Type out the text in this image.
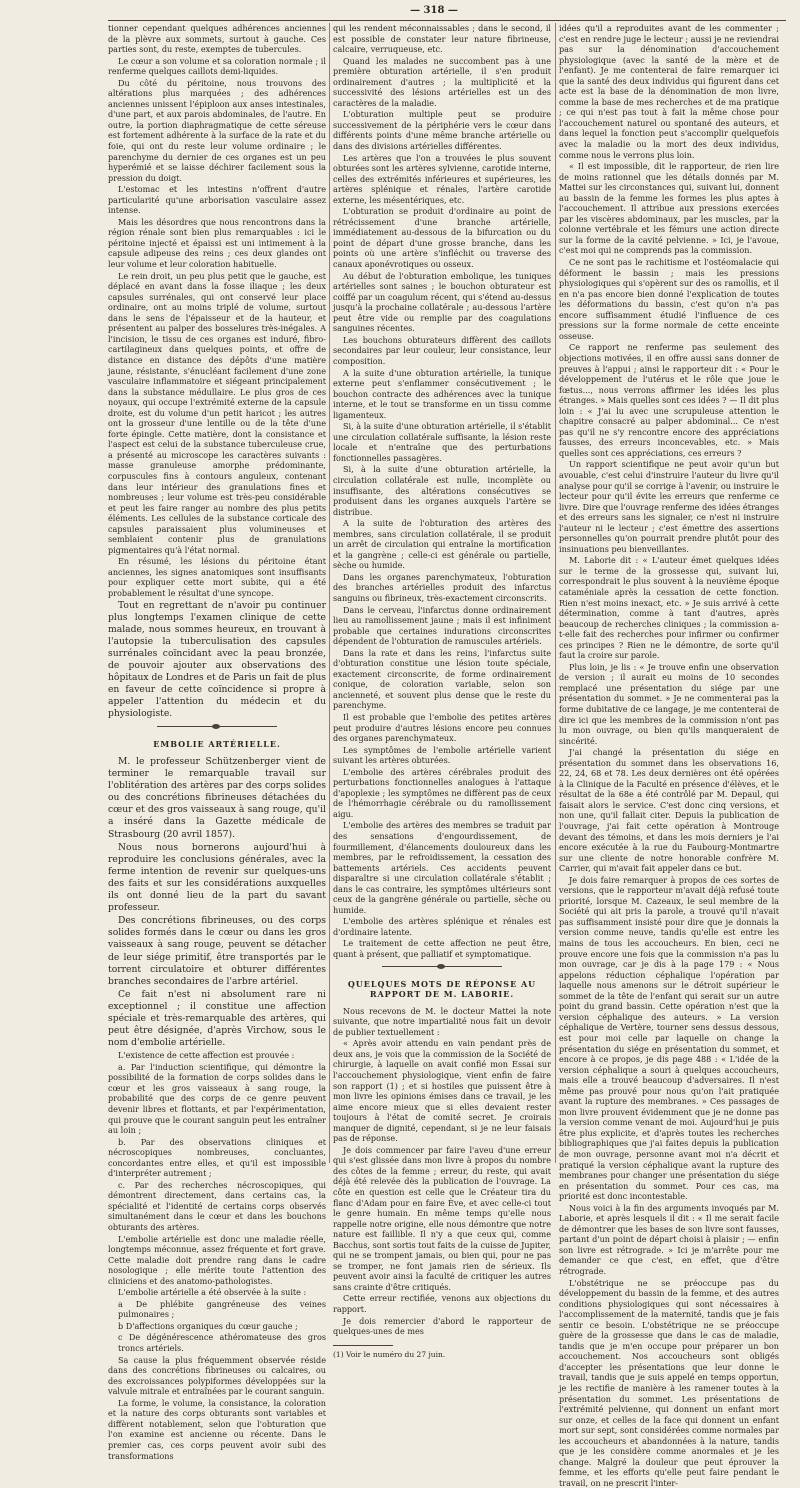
— 318 —

tionner cependant quelques adhérences anciennes de la plèvre aux sommets, surtout à gauche. Ces parties sont, du reste, exemptes de tubercules.

Le cœur a son volume et sa coloration normale ; il renferme quelques caillots demi-liquides.

Du côté du péritoine, nous trouvons des altérations plus marquées ; des adhérences anciennes unissent l'épiploon aux anses intestinales, d'une part, et aux parois abdominales, de l'autre. En outre, la portion diaphragmatique de cette séreuse est fortement adhérente à la surface de la rate et du foie, qui ont du reste leur volume ordinaire ; le parenchyme du dernier de ces organes est un peu hyperémié et se laisse déchirer facilement sous la pression du doigt.

L'estomac et les intestins n'offrent d'autre particularité qu'une arborisation vasculaire assez intense.

Mais les désordres que nous rencontrons dans la région rénale sont bien plus remarquables : ici le péritoine injecté et épaissi est uni intimement à la capsule adipeuse des reins ; ces deux glandes ont leur volume et leur coloration habituelle.

Le rein droit, un peu plus petit que le gauche, est déplacé en avant dans la fosse iliaque ; les deux capsules surrénales, qui ont conservé leur place ordinaire, ont au moins triplé de volume, surtout dans le sens de l'épaisseur et de la hauteur, et présentent au palper des bosselures très-inégales. A l'incision, le tissu de ces organes est induré, fibro-cartilagineux dans quelques points, et offre de distance en distance des dépôts d'une matière jaune, résistante, s'énucléant facilement d'une zone vasculaire inflammatoire et siégeant principalement dans la substance médullaire. Le plus gros de ces noyaux, qui occupe l'extrémité externe de la capsule droite, est du volume d'un petit haricot ; les autres ont la grosseur d'une lentille ou de la tête d'une forte épingle. Cette matière, dont la consistance et l'aspect est celui de la substance tuberculeuse crue, a présenté au microscope les caractères suivants : masse granuleuse amorphe prédominante, corpuscules fins à contours anguleux, contenant dans leur intérieur des granulations fines et nombreuses ; leur volume est très-peu considérable et peut les faire ranger au nombre des plus petits éléments. Les cellules de la substance corticale des capsules paraissaient plus volumineuses et semblaient contenir plus de granulations pigmentaires qu'à l'état normal.

En résumé, les lésions du péritoine étant anciennes, les signes anatomiques sont insuffisants pour expliquer cette mort subite, qui a été probablement le résultat d'une syncope.

Tout en regrettant de n'avoir pu continuer plus longtemps l'examen clinique de cette malade, nous sommes heureux, en trouvant à l'autopsie la tuberculisation des capsules surrénales coïncidant avec la peau bronzée, de pouvoir ajouter aux observations des hôpitaux de Londres et de Paris un fait de plus en faveur de cette coïncidence si propre à appeler l'attention du médecin et du physiologiste.

EMBOLIE ARTÉRIELLE.

M. le professeur Schützenberger vient de terminer le remarquable travail sur l'oblitération des artères par des corps solides ou des concrétions fibrineuses détachées du cœur et des gros vaisseaux à sang rouge, qu'il a inséré dans la Gazette médicale de Strasbourg (20 avril 1857).

Nous nous bornerons aujourd'hui à reproduire les conclusions générales, avec la ferme intention de revenir sur quelques-uns des faits et sur les considérations auxquelles ils ont donné lieu de la part du savant professeur.

Des concrétions fibrineuses, ou des corps solides formés dans le cœur ou dans les gros vaisseaux à sang rouge, peuvent se détacher de leur siége primitif, être transportés par le torrent circulatoire et obturer différentes branches secondaires de l'arbre artériel.

Ce fait n'est ni absolument rare ni exceptionnel ; il constitue une affection spéciale et très-remarquable des artères, qui peut être désignée, d'après Virchow, sous le nom d'embolie artérielle.

L'existence de cette affection est prouvée :

a. Par l'induction scientifique, qui démontre la possibilité de la formation de corps solides dans le cœur et les gros vaisseaux à sang rouge, la probabilité que des corps de ce genre peuvent devenir libres et flottants, et par l'expérimentation, qui prouve que le courant sanguin peut les entraîner au loin ;

b. Par des observations cliniques et nécroscopiques nombreuses, concluantes, concordantes entre elles, et qu'il est impossible d'interpréter autrement ;

c. Par des recherches nécroscopiques, qui démontrent directement, dans certains cas, la spécialité et l'identité de certains corps observés simultanément dans le cœur et dans les bouchons obturants des artères.

L'embolie artérielle est donc une maladie réelle, longtemps méconnue, assez fréquente et fort grave. Cette maladie doit prendre rang dans le cadre nosologique ; elle mérite toute l'attention des cliniciens et des anatomo-pathologistes.

L'embolie artérielle a été observée à la suite :

a De phlébite gangréneuse des veines pulmonaires ;

b D'affections organiques du cœur gauche ;

c De dégénérescence athéromateuse des gros troncs artériels.

Sa cause la plus fréquemment observée réside dans des concrétions fibrineuses ou calcaires, ou des excroissances polypiformes développées sur la valvule mitrale et entraînées par le courant sanguin.

La forme, le volume, la consistance, la coloration et la nature des corps obturants sont variables et diffèrent notablement, selon que l'obturation que l'on examine est ancienne ou récente. Dans le premier cas, ces corps peuvent avoir subi des transformations

qui les rendent méconnaissables ; dans le second, il est possible de constater leur nature fibrineuse, calcaire, verruqueuse, etc.

Quand les malades ne succombent pas à une première obturation artérielle, il s'en produit ordinairement d'autres ; la multiplicité et la successivité des lésions artérielles est un des caractères de la maladie.

L'obturation multiple peut se produire successivement de la périphérie vers le cœur dans différents points d'une même branche artérielle ou dans des divisions artérielles différentes.

Les artères que l'on a trouvées le plus souvent obturées sont les artères sylvienne, carotide interne, celles des extrémités inférieures et supérieures, les artères splénique et rénales, l'artère carotide externe, les mésentériques, etc.

L'obturation se produit d'ordinaire au point de rétrécissement d'une branche artérielle, immédiatement au-dessous de la bifurcation ou du point de départ d'une grosse branche, dans les points où une artère s'infléchit ou traverse des canaux aponévrotiques ou osseux.

Au début de l'obturation embolique, les tuniques artérielles sont saines ; le bouchon obturateur est coiffé par un coagulum récent, qui s'étend au-dessus jusqu'à la prochaine collatérale ; au-dessous l'artère peut être vide ou remplie par des coagulations sanguines récentes.

Les bouchons obturateurs diffèrent des caillots secondaires par leur couleur, leur consistance, leur composition.

A la suite d'une obturation artérielle, la tunique externe peut s'enflammer consécutivement ; le bouchon contracte des adhérences avec la tunique interne, et le tout se transforme en un tissu comme ligamenteux.

Si, à la suite d'une obturation artérielle, il s'établit une circulation collatérale suffisante, la lésion reste locale et n'entraîne que des perturbations fonctionnelles passagères.

Si, à la suite d'une obturation artérielle, la circulation collatérale est nulle, incomplète ou insuffisante, des altérations consécutives se produisent dans les organes auxquels l'artère se distribue.

A la suite de l'obturation des artères des membres, sans circulation collatérale, il se produit un arrêt de circulation qui entraîne la mortification et la gangrène ; celle-ci est générale ou partielle, sèche ou humide.

Dans les organes parenchymateux, l'obturation des branches artérielles produit des infarctus sanguins ou fibrineux, très-exactement circonscrits.

Dans le cerveau, l'infarctus donne ordinairement lieu au ramollissement jaune ; mais il est infiniment probable que certaines indurations circonscrites dépendent de l'obturation de ramuscules artériels.

Dans la rate et dans les reins, l'infarctus suite d'obturation constitue une lésion toute spéciale, exactement circonscrite, de forme ordinairement conique, de coloration variable, selon son ancienneté, et souvent plus dense que le reste du parenchyme.

Il est probable que l'embolie des petites artères peut produire d'autres lésions encore peu connues des organes parenchymateux.

Les symptômes de l'embolie artérielle varient suivant les artères obturées.

L'embolie des artères cérébrales produit des perturbations fonctionnelles analogues à l'attaque d'apoplexie ; les symptômes ne diffèrent pas de ceux de l'hémorrhagie cérébrale ou du ramollissement aigu.

L'embolie des artères des membres se traduit par des sensations d'engourdissement, de fourmillement, d'élancements douloureux dans les membres, par le refroidissement, la cessation des battements artériels. Ces accidents peuvent disparaître si une circulation collatérale s'établit ; dans le cas contraire, les symptômes ultérieurs sont ceux de la gangrène générale ou partielle, sèche ou humide.

L'embolie des artères splénique et rénales est d'ordinaire latente.

Le traitement de cette affection ne peut être, quant à présent, que palliatif et symptomatique.

QUELQUES MOTS DE RÉPONSE AU RAPPORT DE M. LABORIE.

Nous recevons de M. le docteur Mattei la note suivante, que notre impartialité nous fait un devoir de publier textuellement :

« Après avoir attendu en vain pendant près de deux ans, je vois que la commission de la Société de chirurgie, à laquelle on avait confié mon Essai sur l'accouchement physiologique, vient enfin de faire son rapport (1) ; et si hostiles que puissent être à mon livre les opinions émises dans ce travail, je les aime encore mieux que si elles devaient rester toujours à l'état de comité secret. Je croirais manquer de dignité, cependant, si je ne leur faisais pas de réponse.

Je dois commencer par faire l'aveu d'une erreur qui s'est glissée dans mon livre à propos du nombre des côtes de la femme ; erreur, du reste, qui avait déjà été relevée dès la publication de l'ouvrage. La côte en question est celle que le Créateur tira du flanc d'Adam pour en faire Ève, et avec celle-ci tout le genre humain. En même temps qu'elle nous rappelle notre origine, elle nous démontre que notre nature est faillible. Il n'y a que ceux qui, comme Bacchus, sont sortis tout faits de la cuisse de Jupiter, qui ne se trompent jamais, ou bien qui, pour ne pas se tromper, ne font jamais rien de sérieux. Ils peuvent avoir ainsi la faculté de critiquer les autres sans crainte d'être critiqués.

Cette erreur rectifiée, venons aux objections du rapport.

Je dois remercier d'abord le rapporteur de quelques-unes de mes

(1) Voir le numéro du 27 juin.

idées qu'il a reproduites avant de les commenter ; c'est en rendre juge le lecteur ; aussi je ne reviendrai pas sur la dénomination d'accouchement physiologique (avec la santé de la mère et de l'enfant). Je me contenterai de faire remarquer ici que la santé des deux individus qui figurent dans cet acte est la base de la dénomination de mon livre, comme la base de mes recherches et de ma pratique ; ce qui n'est pas tout à fait la même chose pour l'accouchement naturel ou spontané des auteurs, et dans lequel la fonction peut s'accomplir quelquefois avec la maladie ou la mort des deux individus, comme nous le verrons plus loin.

« Il est impossible, dit le rapporteur, de rien lire de moins rationnel que les détails donnés par M. Mattei sur les circonstances qui, suivant lui, donnent au bassin de la femme les formes les plus aptes à l'accouchement. Il attribue aux pressions exercées par les viscères abdominaux, par les muscles, par la colonne vertébrale et les fémurs une action directe sur la forme de la cavité pelvienne. » Ici, je l'avoue, c'est moi qui ne comprends pas la commission.

Ce ne sont pas le rachitisme et l'ostéomalacie qui déforment le bassin ; mais les pressions physiologiques qui s'opèrent sur des os ramollis, et il en n'a pas encore bien donné l'explication de toutes les déformations du bassin, c'est qu'on n'a pas encore suffisamment étudié l'influence de ces pressions sur la forme normale de cette enceinte osseuse.

Ce rapport ne renferme pas seulement des objections motivées, il en offre aussi sans donner de preuves à l'appui ; ainsi le rapporteur dit : « Pour le développement de l'utérus et le rôle que joue le fœtus..., nous verrons affirmer les idées les plus étranges. » Mais quelles sont ces idées ? — Il dit plus loin : « J'ai lu avec une scrupuleuse attention le chapitre consacré au palper abdominal... Ce n'est pas qu'il ne s'y rencontre encore des appréciations fausses, des erreurs inconcevables, etc. » Mais quelles sont ces appréciations, ces erreurs ?

Un rapport scientifique ne peut avoir qu'un but avouable, c'est celui d'instruire l'auteur du livre qu'il analyse pour qu'il se corrige à l'avenir, ou instruire le lecteur pour qu'il évite les erreurs que renferme ce livre. Dire que l'ouvrage renferme des idées étranges et des erreurs sans les signaler, ce n'est ni instruire l'auteur ni le lecteur ; c'est émettre des assertions personnelles qu'on pourrait prendre plutôt pour des insinuations peu bienveillantes.

M. Laborie dit : « L'auteur émet quelques idées sur le terme de la grossesse qui, suivant lui, correspondrait le plus souvent à la neuvième époque cataméniale après la cessation de cette fonction. Rien n'est moins inexact, etc. » Je suis arrivé à cette détermination, comme à tant d'autres, après beaucoup de recherches cliniques ; la commission a-t-elle fait des recherches pour infirmer ou confirmer ces principes ? Rien ne le démontre, de sorte qu'il faut la croire sur parole.

Plus loin, je lis : « Je trouve enfin une observation de version ; il aurait eu moins de 10 secondes remplacé une présentation du siége par une présentation du sommet. » Je ne commenterai pas la forme dubitative de ce langage, je me contenterai de dire ici que les membres de la commission n'ont pas lu mon ouvrage, ou bien qu'ils manqueraient de sincérité.

J'ai changé la présentation du siége en présentation du sommet dans les observations 16, 22, 24, 68 et 78. Les deux dernières ont été opérées à la Clinique de la Faculté en présence d'élèves, et le résultat de la 68e a été contrôlé par M. Depaul, qui faisait alors le service. C'est donc cinq versions, et non une, qu'il fallait citer. Depuis la publication de l'ouvrage, j'ai fait cette opération à Montrouge devant des témoins, et dans les mois derniers je l'ai encore exécutée à la rue du Faubourg-Montmartre sur une cliente de notre honorable confrère M. Carrier, qui m'avait fait appeler dans ce but.

Je dois faire remarquer à propos de ces sortes de versions, que le rapporteur m'avait déjà refusé toute priorité, lorsque M. Cazeaux, le seul membre de la Société qui ait pris la parole, a trouvé qu'il n'avait pas suffisamment insisté pour dire que je donnais la version comme neuve, tandis qu'elle est entre les mains de tous les accoucheurs. En bien, ceci ne prouve encore une fois que la commission n'a pas lu mon ouvrage, car je dis à la page 179 : « Nous appelons réduction céphalique l'opération par laquelle nous amenons sur le détroit supérieur le sommet de la tête de l'enfant qui serait sur un autre point du grand bassin. Cette opération n'est que la version céphalique des auteurs. » La version céphalique de Vertère, tourner sens dessus dessous, est pour moi celle par laquelle on change la présentation du siége en présentation du sommet, et encore à ce propos, je dis page 488 : « L'idée de la version céphalique a souri à quelques accoucheurs, mais elle a trouvé beaucoup d'adversaires. Il n'est même pas prouvé pour nous qu'on l'ait pratiquée avant la rupture des membranes. » Ces passages de mon livre prouvent évidemment que je ne donne pas la version comme venant de moi. Aujourd'hui je puis être plus explicite, et d'après toutes les recherches bibliographiques que j'ai faites depuis la publication de mon ouvrage, personne avant moi n'a décrit et pratiqué la version céphalique avant la rupture des membranes pour changer une présentation du siége en présentation du sommet. Pour ces cas, ma priorité est donc incontestable.

Nous voici à la fin des arguments invoqués par M. Laborie, et après lesquels il dit : « Il me serait facile de démontrer que les bases de son livre sont fausses, partant d'un point de départ choisi à plaisir ; — enfin son livre est rétrograde. » Ici je m'arrête pour me demander ce que c'est, en effet, que d'être rétrograde.

L'obstétrique ne se préoccupe pas du développement du bassin de la femme, et des autres conditions physiologiques qui sont nécessaires à l'accomplissement de la maternité, tandis que je fais sentir ce besoin. L'obstétrique ne se préoccupe guère de la grossesse que dans le cas de maladie, tandis que je m'en occupe pour préparer un bon accouchement. Nos accoucheurs sont obligés d'accepter les présentations que leur donne le travail, tandis que je suis appelé en temps opportun, je les rectifie de manière à les ramener toutes à la présentation du sommet. Les présentations de l'extrémité pelvienne, qui donnent un enfant mort sur onze, et celles de la face qui donnent un enfant mort sur sept, sont considérées comme normales par les accoucheurs et abandonnées à la nature, tandis que je les considère comme anormales et je les change. Malgré la douleur que peut éprouver la femme, et les efforts qu'elle peut faire pendant le travail, on ne prescrit l'inter-
